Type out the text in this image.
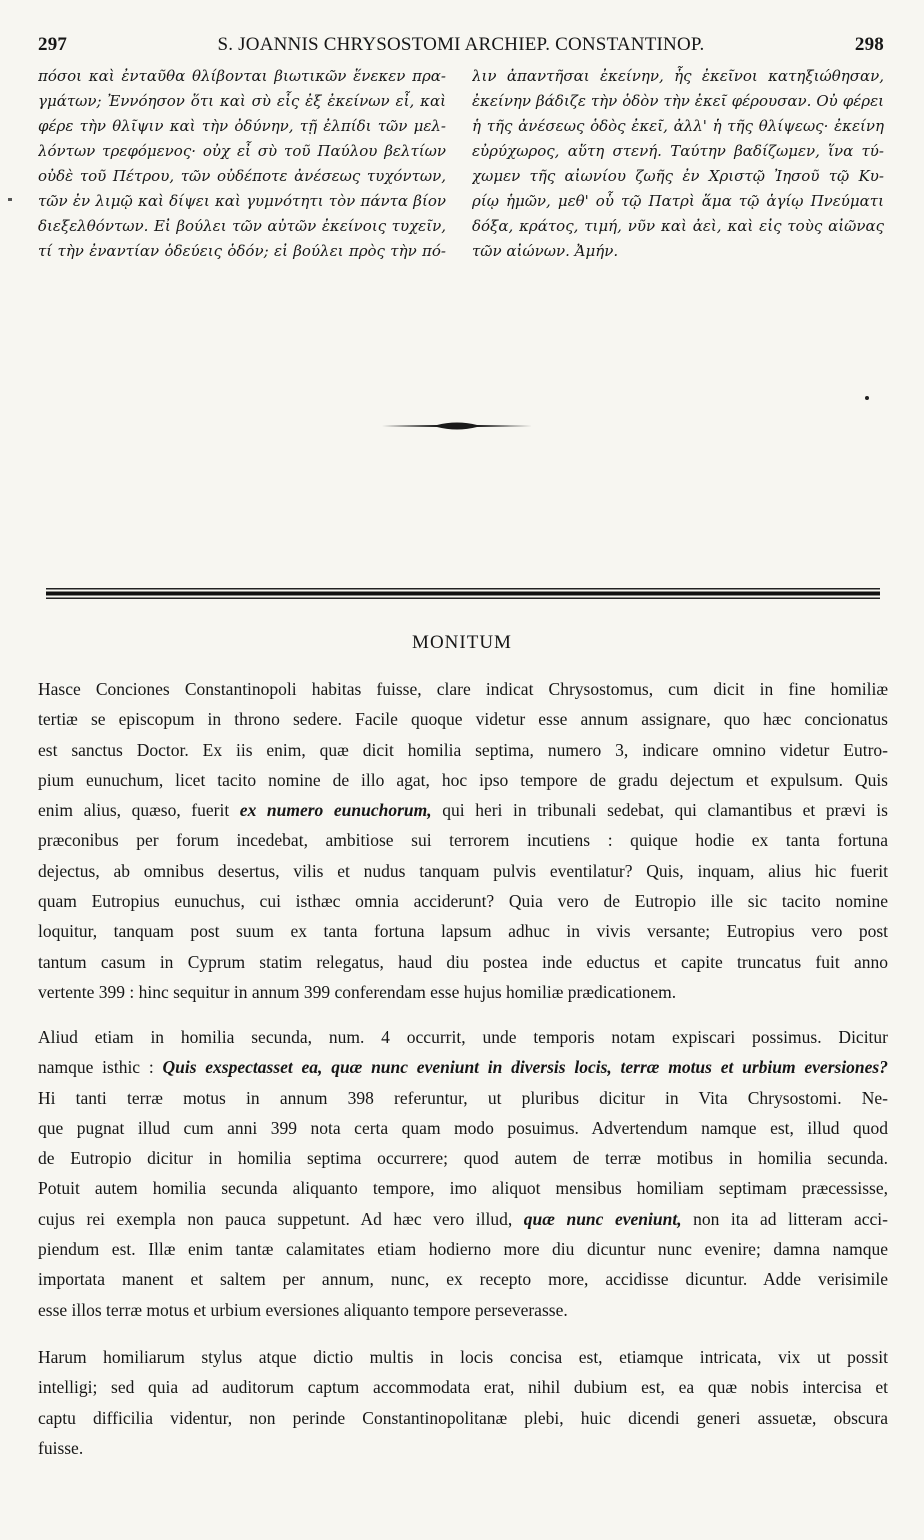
297	S. JOANNIS CHRYSOSTOMI ARCHIEP. CONSTANTINOP.	298
πόσοι καὶ ἐνταῦθα θλίβονται βιωτικῶν ἕνεκεν πρα-
γμάτων; Ἐννόησον ὅτι καὶ σὺ εἷς ἐξ ἐκείνων εἶ, καὶ
φέρε τὴν θλῖψιν καὶ τὴν ὀδύνην, τῇ ἐλπίδι τῶν μελ-
λόντων τρεφόμενος· οὐχ εἶ σὺ τοῦ Παύλου βελτίων
οὐδὲ τοῦ Πέτρου, τῶν οὐδέποτε ἀνέσεως τυχόντων,
τῶν ἐν λιμῷ καὶ δίψει καὶ γυμνότητι τὸν πάντα βίον
διεξελθόντων. Εἰ βούλει τῶν αὐτῶν ἐκείνοις τυχεῖν,
τί τὴν ἐναντίαν ὁδεύεις ὁδόν; εἰ βούλει πρὸς τὴν πό-
λιν ἀπαντῆσαι ἐκείνην, ἧς ἐκεῖνοι κατηξιώθησαν,
ἐκείνην βάδιζε τὴν ὁδὸν τὴν ἐκεῖ φέρουσαν. Οὐ φέρει
ἡ τῆς ἀνέσεως ὁδὸς ἐκεῖ, ἀλλ' ἡ τῆς θλίψεως· ἐκείνη
εὐρύχωρος, αὕτη στενή. Ταύτην βαδίζωμεν, ἵνα τύ-
χωμεν τῆς αἰωνίου ζωῆς ἐν Χριστῷ Ἰησοῦ τῷ Κυ-
ρίῳ ἡμῶν, μεθ' οὗ τῷ Πατρὶ ἅμα τῷ ἁγίῳ Πνεύματι
δόξα, κράτος, τιμή, νῦν καὶ ἀεὶ, καὶ εἰς τοὺς αἰῶνας
τῶν αἰώνων. Ἀμήν.
MONITUM
Hasce Conciones Constantinopoli habitas fuisse, clare indicat Chrysostomus, cum dicit in fine homiliæ
tertiæ se episcopum in throno sedere. Facile quoque videtur esse annum assignare, quo hæc concionatus
est sanctus Doctor. Ex iis enim, quæ dicit homilia septima, numero 3, indicare omnino videtur Eutro-
pium eunuchum, licet tacito nomine de illo agat, hoc ipso tempore de gradu dejectum et expulsum. Quis
enim alius, quæso, fuerit ex numero eunuchorum, qui heri in tribunali sedebat, qui clamantibus et prævi is
præconibus per forum incedebat, ambitiose sui terrorem incutiens : quique hodie ex tanta fortuna
dejectus, ab omnibus desertus, vilis et nudus tanquam pulvis eventilatur? Quis, inquam, alius hic fuerit
quam Eutropius eunuchus, cui isthæc omnia acciderunt? Quia vero de Eutropio ille sic tacito nomine
loquitur, tanquam post suum ex tanta fortuna lapsum adhuc in vivis versante; Eutropius vero post
tantum casum in Cyprum statim relegatus, haud diu postea inde eductus et capite truncatus fuit anno
vertente 399 : hinc sequitur in annum 399 conferendam esse hujus homiliæ prædicationem.
Aliud etiam in homilia secunda, num. 4 occurrit, unde temporis notam expiscari possimus. Dicitur
namque isthic : Quis exspectasset ea, quæ nunc eveniunt in diversis locis, terræ motus et urbium eversiones?
Hi tanti terræ motus in annum 398 referuntur, ut pluribus dicitur in Vita Chrysostomi. Ne-
que pugnat illud cum anni 399 nota certa quam modo posuimus. Advertendum namque est, illud quod
de Eutropio dicitur in homilia septima occurrere; quod autem de terræ motibus in homilia secunda.
Potuit autem homilia secunda aliquanto tempore, imo aliquot mensibus homiliam septimam præcessisse,
cujus rei exempla non pauca suppetunt. Ad hæc vero illud, quæ nunc eveniunt, non ita ad litteram acci-
piendum est. Illæ enim tantæ calamitates etiam hodierno more diu dicuntur nunc evenire; damna namque
importata manent et saltem per annum, nunc, ex recepto more, accidisse dicuntur. Adde verisimile
esse illos terræ motus et urbium eversiones aliquanto tempore perseverasse.
Harum homiliarum stylus atque dictio multis in locis concisa est, etiamque intricata, vix ut possit
intelligi; sed quia ad auditorum captum accommodata erat, nihil dubium est, ea quæ nobis intercisa et
captu difficilia videntur, non perinde Constantinopolitanæ plebi, huic dicendi generi assuetæ, obscura
fuisse.
